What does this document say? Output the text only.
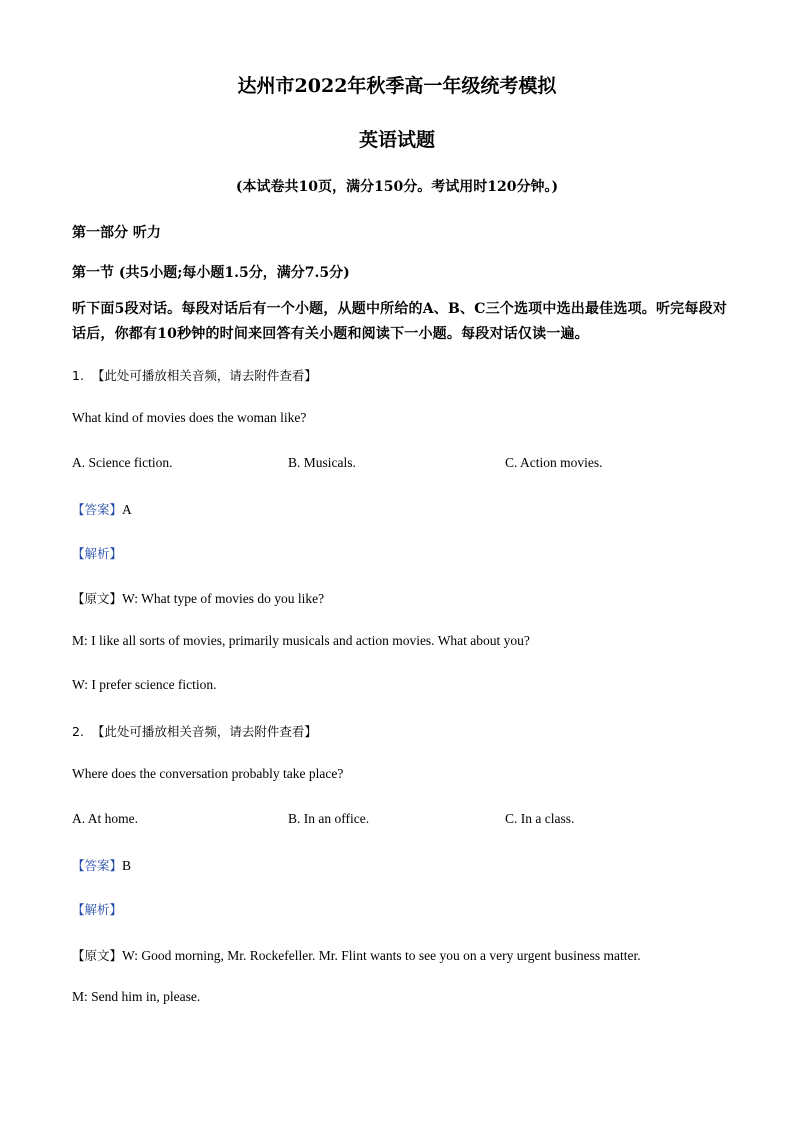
达州市2022年秋季高一年级统考模拟
英语试题
(本试卷共10页，满分150分。考试用时120分钟。)
第一部分 听力
第一节 (共5小题;每小题1.5分，满分7.5分)
听下面5段对话。每段对话后有一个小题，从题中所给的A、B、C三个选项中选出最佳选项。听完每段对话后，你都有10秒钟的时间来回答有关小题和阅读下一小题。每段对话仅读一遍。
1. 【此处可播放相关音频，请去附件查看】
What kind of movies does the woman like?
A. Science fiction.	B. Musicals.	C. Action movies.
【答案】A
【解析】
【原文】W: What type of movies do you like?
M: I like all sorts of movies, primarily musicals and action movies. What about you?
W: I prefer science fiction.
2. 【此处可播放相关音频，请去附件查看】
Where does the conversation probably take place?
A. At home.	B. In an office.	C. In a class.
【答案】B
【解析】
【原文】W: Good morning, Mr. Rockefeller. Mr. Flint wants to see you on a very urgent business matter.
M: Send him in, please.
